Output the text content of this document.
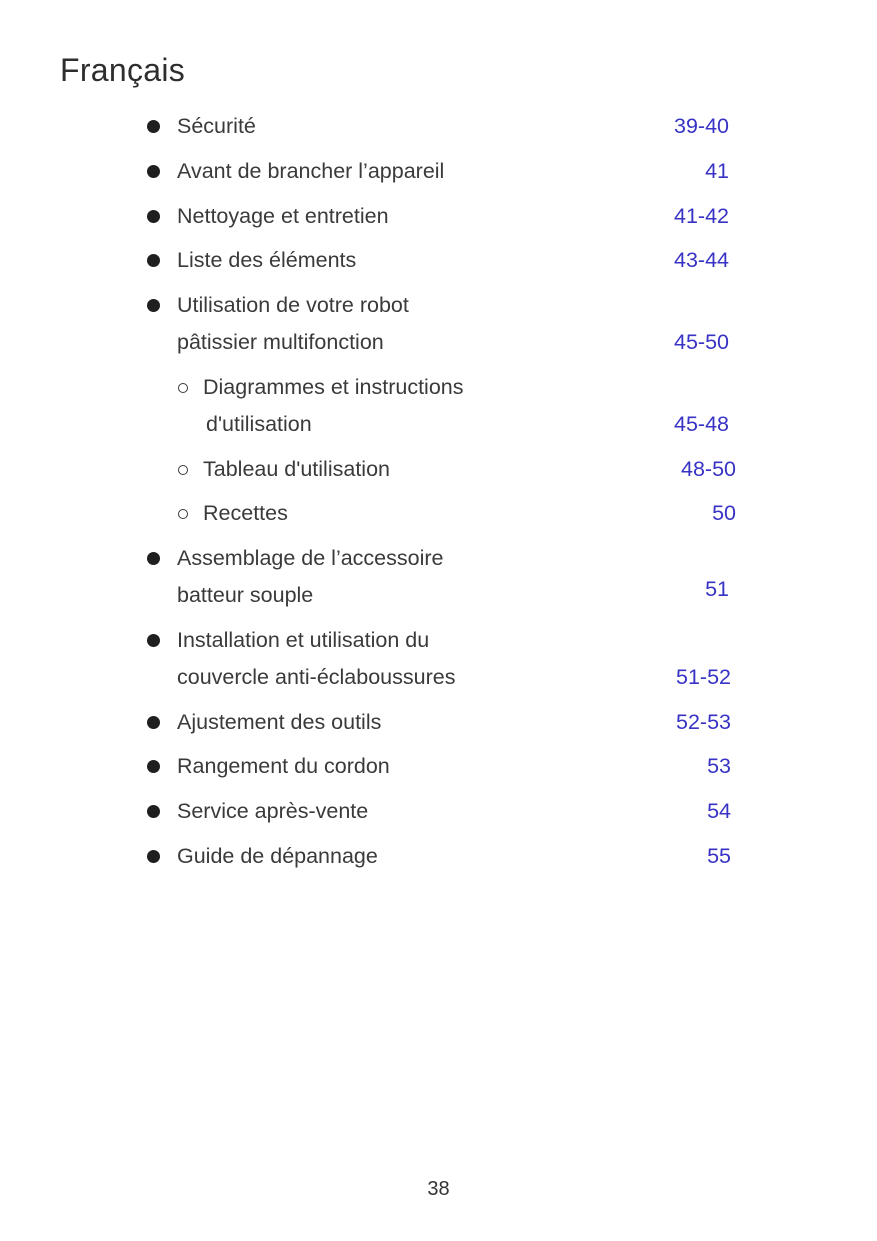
Français
Sécurité	39-40
Avant de brancher l’appareil	41
Nettoyage et entretien	41-42
Liste des éléments	43-44
Utilisation de votre robot
pâtissier multifonction	45-50
Diagrammes et instructions
d'utilisation	45-48
Tableau d'utilisation	48-50
Recettes	50
Assemblage de l’accessoire
batteur souple	51
Installation et utilisation du
couvercle anti-éclaboussures	51-52
Ajustement des outils	52-53
Rangement du cordon	53
Service après-vente	54
Guide de dépannage	55
38
